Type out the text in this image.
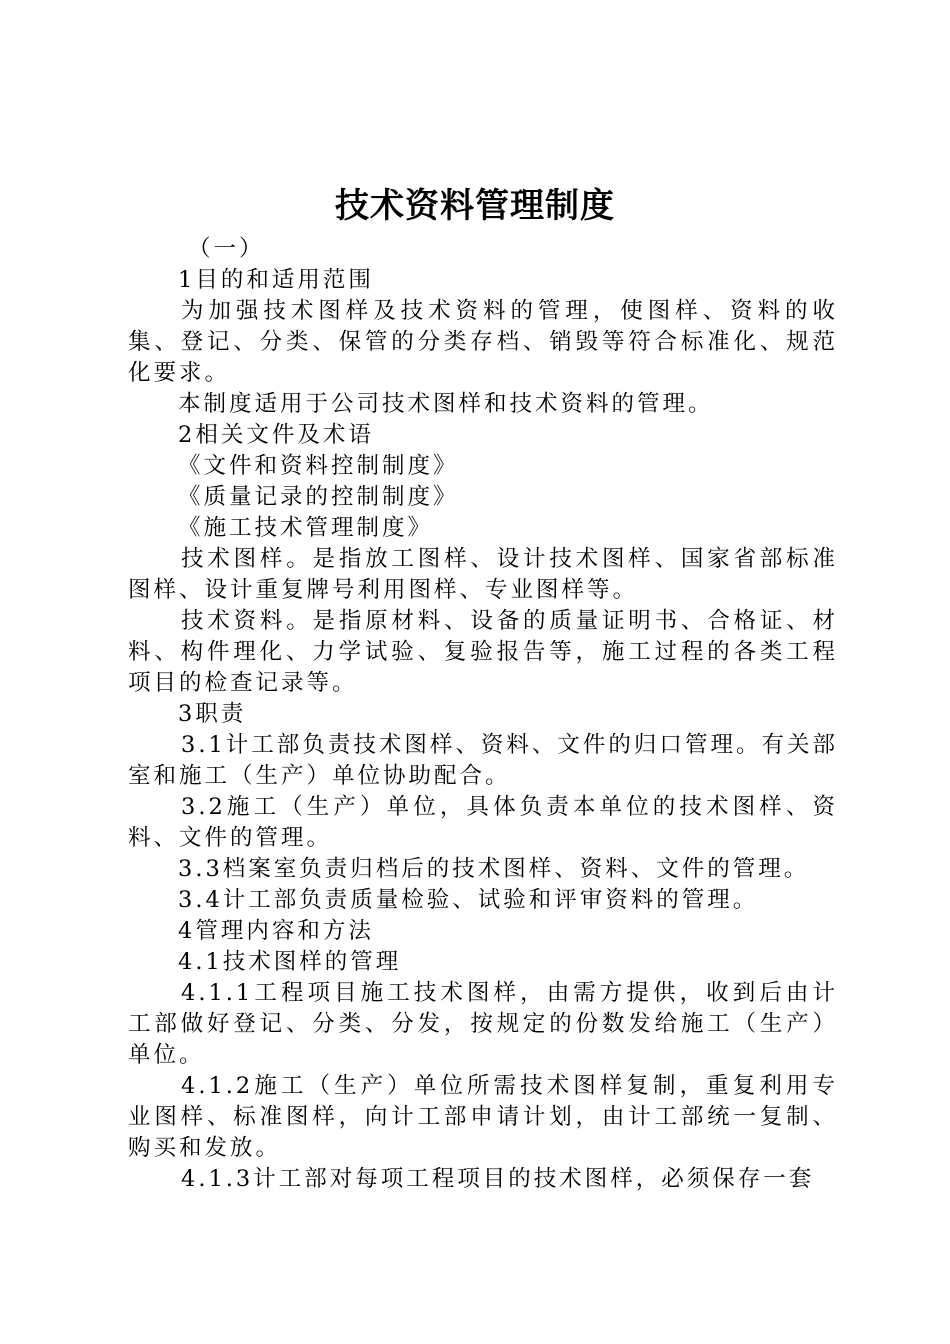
技术资料管理制度

（一）

1目的和适用范围

为加强技术图样及技术资料的管理，使图样、资料的收集、登记、分类、保管的分类存档、销毁等符合标准化、规范化要求。

本制度适用于公司技术图样和技术资料的管理。

2相关文件及术语

《文件和资料控制制度》

《质量记录的控制制度》

《施工技术管理制度》

技术图样。是指放工图样、设计技术图样、国家省部标准图样、设计重复牌号利用图样、专业图样等。

技术资料。是指原材料、设备的质量证明书、合格证、材料、构件理化、力学试验、复验报告等，施工过程的各类工程项目的检查记录等。

3职责

3.1计工部负责技术图样、资料、文件的归口管理。有关部室和施工（生产）单位协助配合。

3.2施工（生产）单位，具体负责本单位的技术图样、资料、文件的管理。

3.3档案室负责归档后的技术图样、资料、文件的管理。

3.4计工部负责质量检验、试验和评审资料的管理。

4管理内容和方法

4.1技术图样的管理

4.1.1工程项目施工技术图样，由需方提供，收到后由计工部做好登记、分类、分发，按规定的份数发给施工（生产）单位。

4.1.2施工（生产）单位所需技术图样复制，重复利用专业图样、标准图样，向计工部申请计划，由计工部统一复制、购买和发放。

4.1.3计工部对每项工程项目的技术图样，必须保存一套
